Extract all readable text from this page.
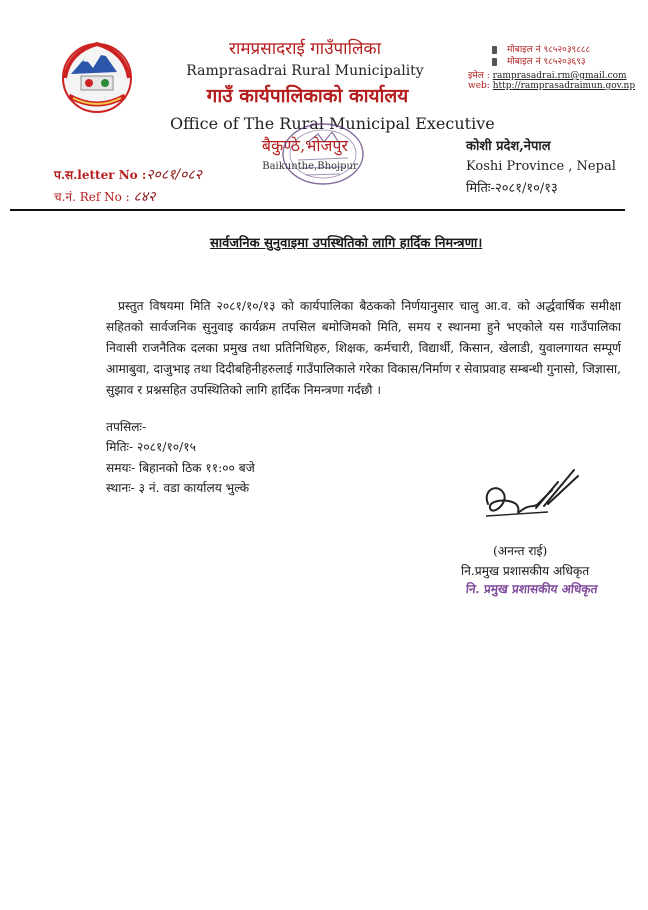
रामप्रसादराई गाउँपालिका
Ramprasadrai Rural Municipality
गाउँ कार्यपालिकाको कार्यालय
Office of The Rural Municipal Executive
बैकुण्ठे,भोजपुर
Baikunthe,Bhojpur
मोबाइल नं ९८५२०३९८८८
मोबाइल नं ९८५२०३६९३
इमेल : ramprasadrai.rm@gmail.com
web: http://ramprasadraimun.gov.np
कोशी प्रदेश,नेपाल
Koshi Province , Nepal
मितिः-२०८१/१०/१३
प.स.letter No :२०८१/०८२
च.नं. Ref No : ८४२
सार्वजनिक सुनुवाइमा उपस्थितिको लागि हार्दिक निमन्त्रणा।
प्रस्तुत विषयमा मिति २०८१/१०/१३ को कार्यपालिका बैठकको निर्णयानुसार चालु आ.व. को अर्द्धवार्षिक समीक्षा सहितको सार्वजनिक सुनुवाइ कार्यक्रम तपसिल बमोजिमको मिति, समय र स्थानमा हुने भएकोले यस गाउँपालिका निवासी राजनैतिक दलका प्रमुख तथा प्रतिनिधिहरु, शिक्षक, कर्मचारी, विद्यार्थी, किसान, खेलाडी, युवालगायत सम्पूर्ण आमाबुवा, दाजुभाइ तथा दिदीबहिनीहरुलाई गाउँपालिकाले गरेका विकास/निर्माण र सेवाप्रवाह सम्बन्धी गुनासो, जिज्ञासा, सुझाव र प्रश्नसहित उपस्थितिको लागि हार्दिक निमन्त्रणा गर्दछौ ।
तपसिलः-
मितिः- २०८१/१०/१५
समयः- बिहानको ठिक ११:०० बजे
स्थानः- ३ नं. वडा कार्यालय भुल्के
(अनन्त राई)
नि.प्रमुख प्रशासकीय अधिकृत
नि. प्रमुख प्रशासकीय अधिकृत
